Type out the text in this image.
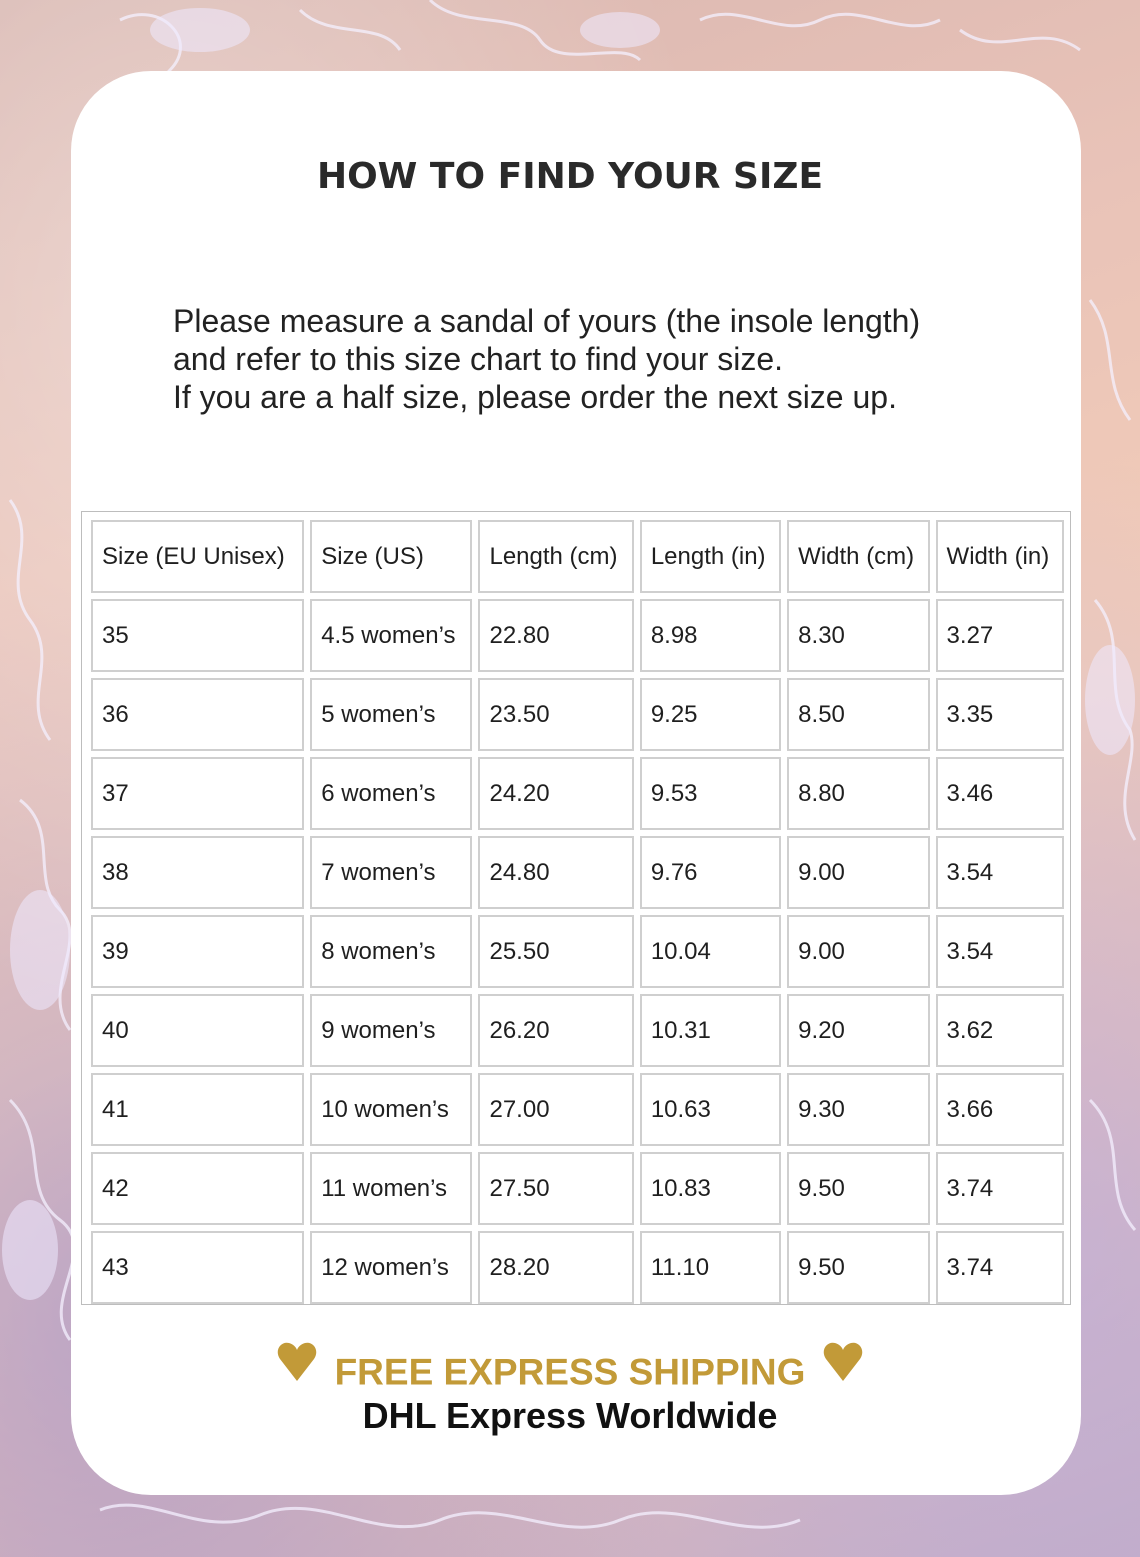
HOW TO FIND YOUR SIZE
Please measure a sandal of yours (the insole length)
and refer to this size chart to find your size.
If you are a half size, please order the next size up.
Size (EU Unisex)	Size (US)	Length (cm)	Length (in)	Width (cm)	Width (in)
35	4.5 women’s	22.80	8.98	8.30	3.27
36	5 women’s	23.50	9.25	8.50	3.35
37	6 women’s	24.20	9.53	8.80	3.46
38	7 women’s	24.80	9.76	9.00	3.54
39	8 women’s	25.50	10.04	9.00	3.54
40	9 women’s	26.20	10.31	9.20	3.62
41	10 women’s	27.00	10.63	9.30	3.66
42	11 women’s	27.50	10.83	9.50	3.74
43	12 women’s	28.20	11.10	9.50	3.74
FREE EXPRESS SHIPPING
DHL Express Worldwide
